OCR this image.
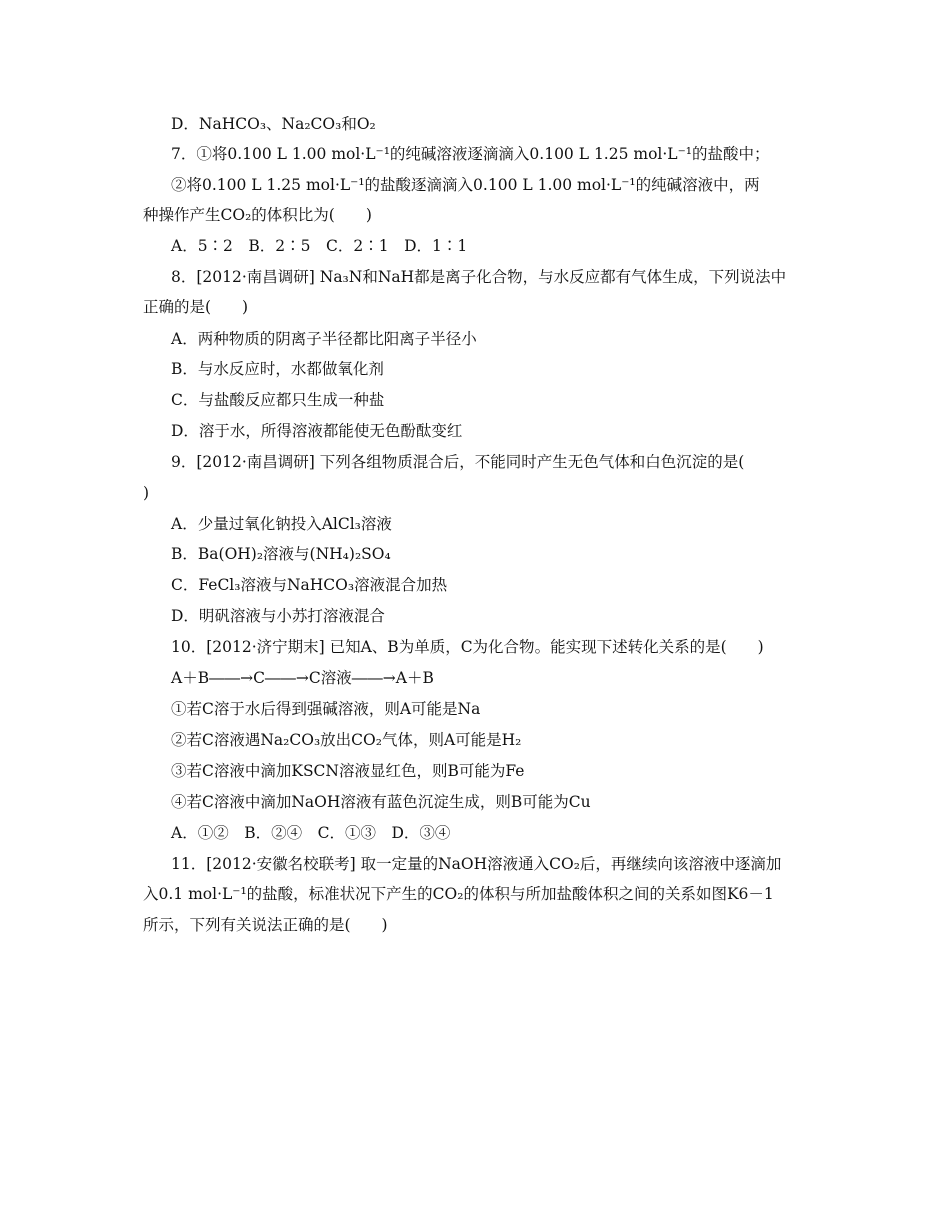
D．NaHCO₃、Na₂CO₃和O₂
7．①将0.100 L 1.00 mol·L⁻¹的纯碱溶液逐滴滴入0.100 L 1.25 mol·L⁻¹的盐酸中；
②将0.100 L 1.25 mol·L⁻¹的盐酸逐滴滴入0.100 L 1.00 mol·L⁻¹的纯碱溶液中，两
种操作产生CO₂的体积比为(　　)
A．5∶2　B．2∶5　C．2∶1　D．1∶1
8．[2012·南昌调研] Na₃N和NaH都是离子化合物，与水反应都有气体生成，下列说法中
正确的是(　　)
A．两种物质的阴离子半径都比阳离子半径小
B．与水反应时，水都做氧化剂
C．与盐酸反应都只生成一种盐
D．溶于水，所得溶液都能使无色酚酞变红
9．[2012·南昌调研] 下列各组物质混合后，不能同时产生无色气体和白色沉淀的是(
)
A．少量过氧化钠投入AlCl₃溶液
B．Ba(OH)₂溶液与(NH₄)₂SO₄
C．FeCl₃溶液与NaHCO₃溶液混合加热
D．明矾溶液与小苏打溶液混合
10．[2012·济宁期末] 已知A、B为单质，C为化合物。能实现下述转化关系的是(　　)
A＋B――→C――→C溶液――→A＋B
①若C溶于水后得到强碱溶液，则A可能是Na
②若C溶液遇Na₂CO₃放出CO₂气体，则A可能是H₂
③若C溶液中滴加KSCN溶液显红色，则B可能为Fe
④若C溶液中滴加NaOH溶液有蓝色沉淀生成，则B可能为Cu
A．①②　B．②④　C．①③　D．③④
11．[2012·安徽名校联考] 取一定量的NaOH溶液通入CO₂后，再继续向该溶液中逐滴加
入0.1 mol·L⁻¹的盐酸，标准状况下产生的CO₂的体积与所加盐酸体积之间的关系如图K6－1
所示，下列有关说法正确的是(　　)
